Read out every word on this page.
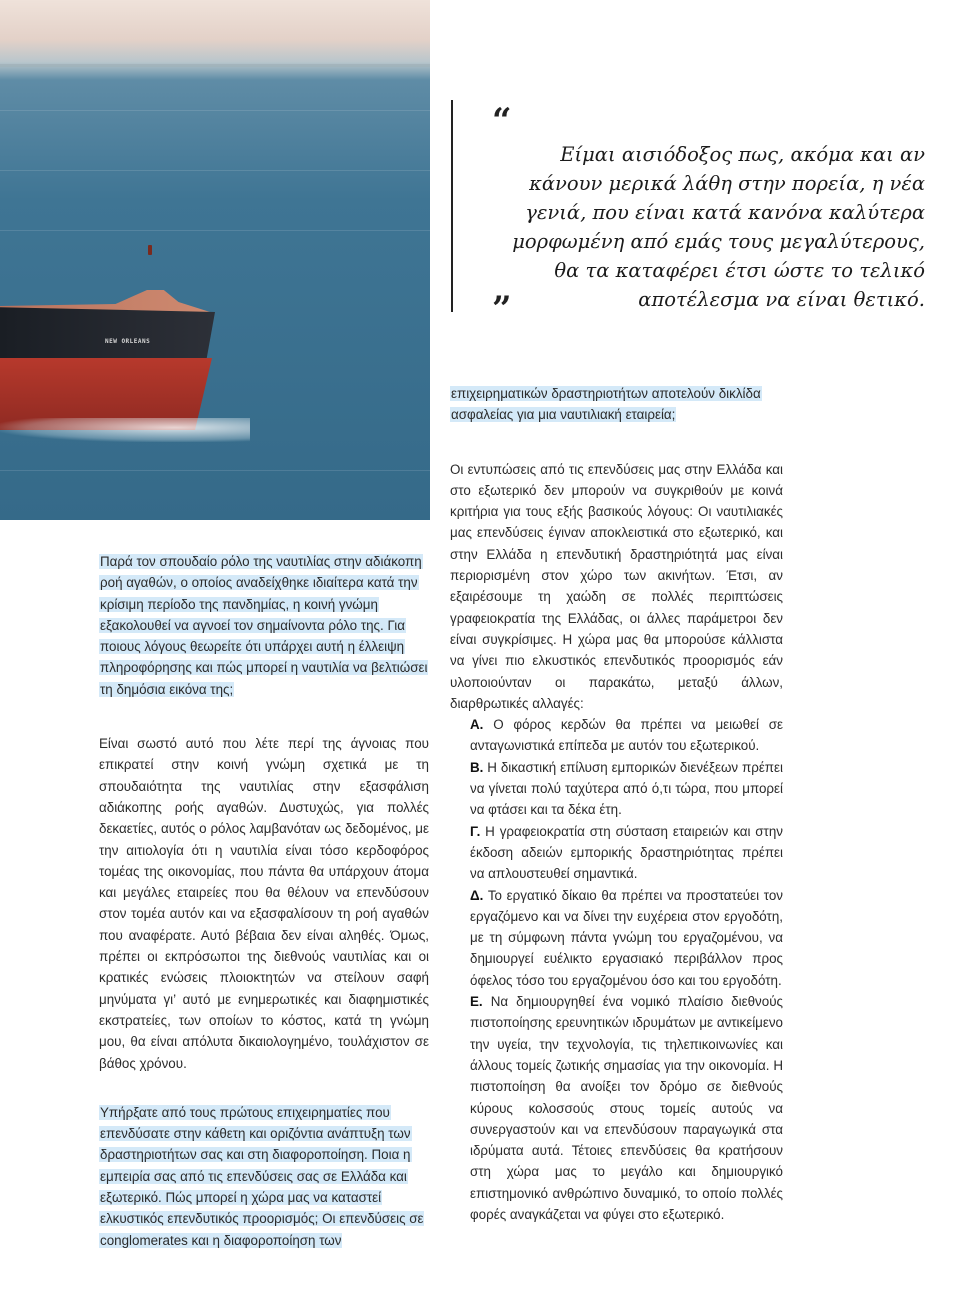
NEW ORLEANS
“

Είμαι αισιόδοξος πως, ακόμα και αν κάνουν μερικά λάθη στην πορεία, η νέα γενιά, που είναι κατά κανόνα καλύτερα μορφωμένη από εμάς τους μεγαλύτερους, θα τα καταφέρει έτσι ώστε το τελικό αποτέλεσμα να είναι θετικό.

”

Παρά τον σπουδαίο ρόλο της ναυτιλίας στην αδιάκοπη ροή αγαθών, ο οποίος αναδείχθηκε ιδιαίτερα κατά την κρίσιμη περίοδο της πανδημίας, η κοινή γνώμη εξακολουθεί να αγνοεί τον σημαίνοντα ρόλο της. Για ποιους λόγους θεωρείτε ότι υπάρχει αυτή η έλλειψη πληροφόρησης και πώς μπορεί η ναυτιλία να βελτιώσει τη δημόσια εικόνα της;

Είναι σωστό αυτό που λέτε περί της άγνοιας που επικρατεί στην κοινή γνώμη σχετικά με τη σπουδαιότητα της ναυτιλίας στην εξασφάλιση αδιάκοπης ροής αγαθών. Δυστυχώς, για πολλές δεκαετίες, αυτός ο ρόλος λαμβανόταν ως δεδομένος, με την αιτιολογία ότι η ναυτιλία είναι τόσο κερδοφόρος τομέας της οικονομίας, που πάντα θα υπάρχουν άτομα και μεγάλες εταιρείες που θα θέλουν να επενδύσουν στον τομέα αυτόν και να εξασφαλίσουν τη ροή αγαθών που αναφέρατε. Αυτό βέβαια δεν είναι αληθές. Όμως, πρέπει οι εκπρόσωποι της διεθνούς ναυτιλίας και οι κρατικές ενώσεις πλοιοκτητών να στείλουν σαφή μηνύματα γι’ αυτό με ενημερωτικές και διαφημιστικές εκστρατείες, των οποίων το κόστος, κατά τη γνώμη μου, θα είναι απόλυτα δικαιολογημένο, τουλάχιστον σε βάθος χρόνου.

Υπήρξατε από τους πρώτους επιχειρηματίες που επενδύσατε στην κάθετη και οριζόντια ανάπτυξη των δραστηριοτήτων σας και στη διαφοροποίηση. Ποια η εμπειρία σας από τις επενδύσεις σας σε Ελλάδα και εξωτερικό. Πώς μπορεί η χώρα μας να καταστεί ελκυστικός επενδυτικός προορισμός; Οι επενδύσεις σε conglomerates και η διαφοροποίηση των

επιχειρηματικών δραστηριοτήτων αποτελούν δικλίδα ασφαλείας για μια ναυτιλιακή εταιρεία;

Οι εντυπώσεις από τις επενδύσεις μας στην Ελλάδα και στο εξωτερικό δεν μπορούν να συγκριθούν με κοινά κριτήρια για τους εξής βασικούς λόγους: Οι ναυτιλιακές μας επενδύσεις έγιναν αποκλειστικά στο εξωτερικό, και στην Ελλάδα η επενδυτική δραστηριότητά μας είναι περιορισμένη στον χώρο των ακινήτων. Έτσι, αν εξαιρέσουμε τη χαώδη σε πολλές περιπτώσεις γραφειοκρατία της Ελλάδας, οι άλλες παράμετροι δεν είναι συγκρίσιμες. Η χώρα μας θα μπορούσε κάλλιστα να γίνει πιο ελκυστικός επενδυτικός προορισμός εάν υλοποιούνταν οι παρακάτω, μεταξύ άλλων, διαρθρωτικές αλλαγές:

Α. Ο φόρος κερδών θα πρέπει να μειωθεί σε ανταγωνιστικά επίπεδα με αυτόν του εξωτερικού.
Β. Η δικαστική επίλυση εμπορικών διενέξεων πρέπει να γίνεται πολύ ταχύτερα από ό,τι τώρα, που μπορεί να φτάσει και τα δέκα έτη.
Γ. Η γραφειοκρατία στη σύσταση εταιρειών και στην έκδοση αδειών εμπορικής δραστηριότητας πρέπει να απλουστευθεί σημαντικά.
Δ. Το εργατικό δίκαιο θα πρέπει να προστατεύει τον εργαζόμενο και να δίνει την ευχέρεια στον εργοδότη, με τη σύμφωνη πάντα γνώμη του εργαζομένου, να δημιουργεί ευέλικτο εργασιακό περιβάλλον προς όφελος τόσο του εργαζομένου όσο και του εργοδότη.
Ε. Να δημιουργηθεί ένα νομικό πλαίσιο διεθνούς πιστοποίησης ερευνητικών ιδρυμάτων με αντικείμενο την υγεία, την τεχνολογία, τις τηλεπικοινωνίες και άλλους τομείς ζωτικής σημασίας για την οικονομία. Η πιστοποίηση θα ανοίξει τον δρόμο σε διεθνούς κύρους κολοσσούς στους τομείς αυτούς να συνεργαστούν και να επενδύσουν παραγωγικά στα ιδρύματα αυτά. Τέτοιες επενδύσεις θα κρατήσουν στη χώρα μας το μεγάλο και δημιουργικό επιστημονικό ανθρώπινο δυναμικό, το οποίο πολλές φορές αναγκάζεται να φύγει στο εξωτερικό.
